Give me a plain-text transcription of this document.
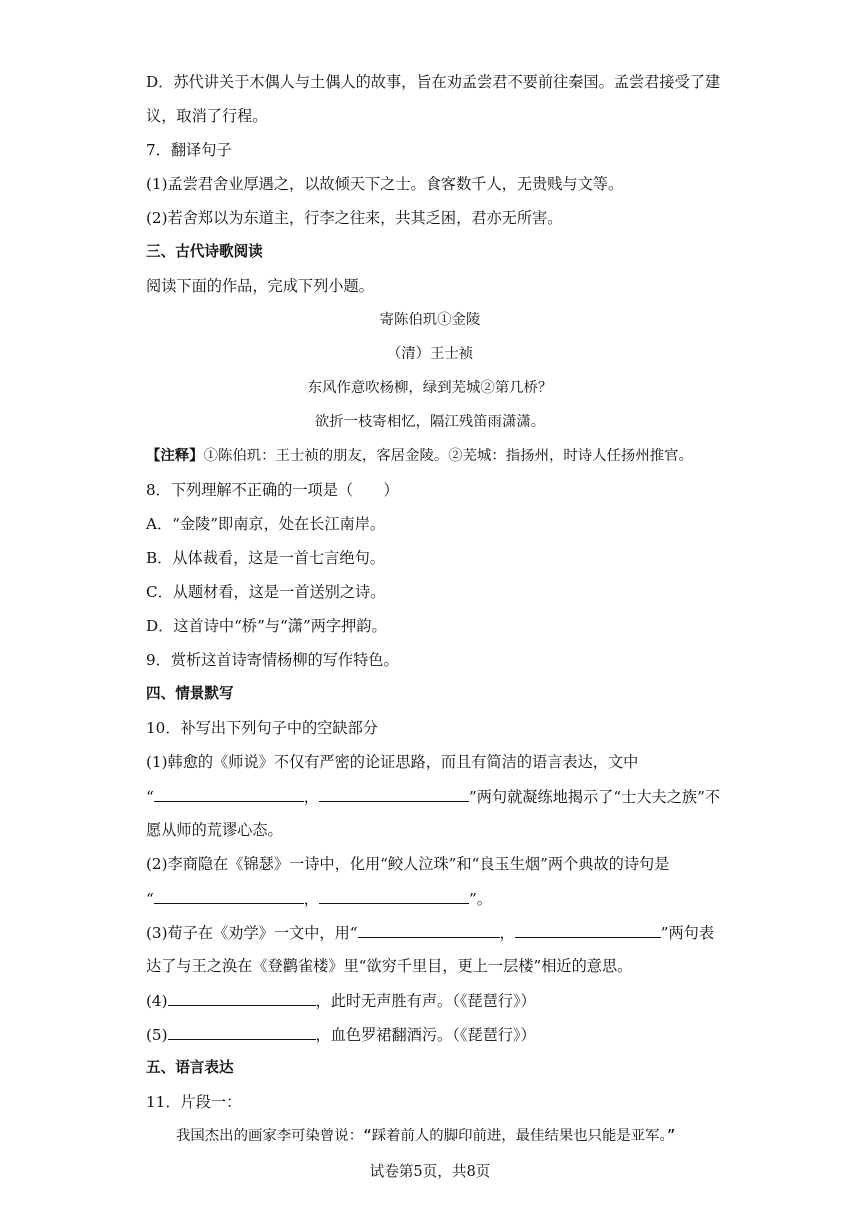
D．苏代讲关于木偶人与土偶人的故事，旨在劝孟尝君不要前往秦国。孟尝君接受了建
议，取消了行程。
7．翻译句子
(1)孟尝君舍业厚遇之，以故倾天下之士。食客数千人，无贵贱与文等。
(2)若舍郑以为东道主，行李之往来，共其乏困，君亦无所害。
三、古代诗歌阅读
阅读下面的作品，完成下列小题。
寄陈伯玑①金陵
（清）王士祯
东风作意吹杨柳，绿到芜城②第几桥？
欲折一枝寄相忆，隔江残笛雨潇潇。
【注释】①陈伯玑：王士祯的朋友，客居金陵。②芜城：指扬州，时诗人任扬州推官。
8．下列理解不正确的一项是（　　）
A．“金陵”即南京，处在长江南岸。
B．从体裁看，这是一首七言绝句。
C．从题材看，这是一首送别之诗。
D．这首诗中“桥”与“潇”两字押韵。
9．赏析这首诗寄情杨柳的写作特色。
四、情景默写
10．补写出下列句子中的空缺部分
(1)韩愈的《师说》不仅有严密的论证思路，而且有简洁的语言表达，文中
“	，	”两句就凝练地揭示了“士大夫之族”不
愿从师的荒谬心态。
(2)李商隐在《锦瑟》一诗中，化用“鲛人泣珠”和“良玉生烟”两个典故的诗句是
“	，	”。
(3)荀子在《劝学》一文中，用“	，	”两句表
达了与王之涣在《登鹳雀楼》里“欲穷千里目，更上一层楼”相近的意思。
(4)	，此时无声胜有声。（《琵琶行》）
(5)	，血色罗裙翻酒污。（《琵琶行》）
五、语言表达
11．片段一：
我国杰出的画家李可染曾说：“踩着前人的脚印前进，最佳结果也只能是亚军。”
试卷第5页，共8页
